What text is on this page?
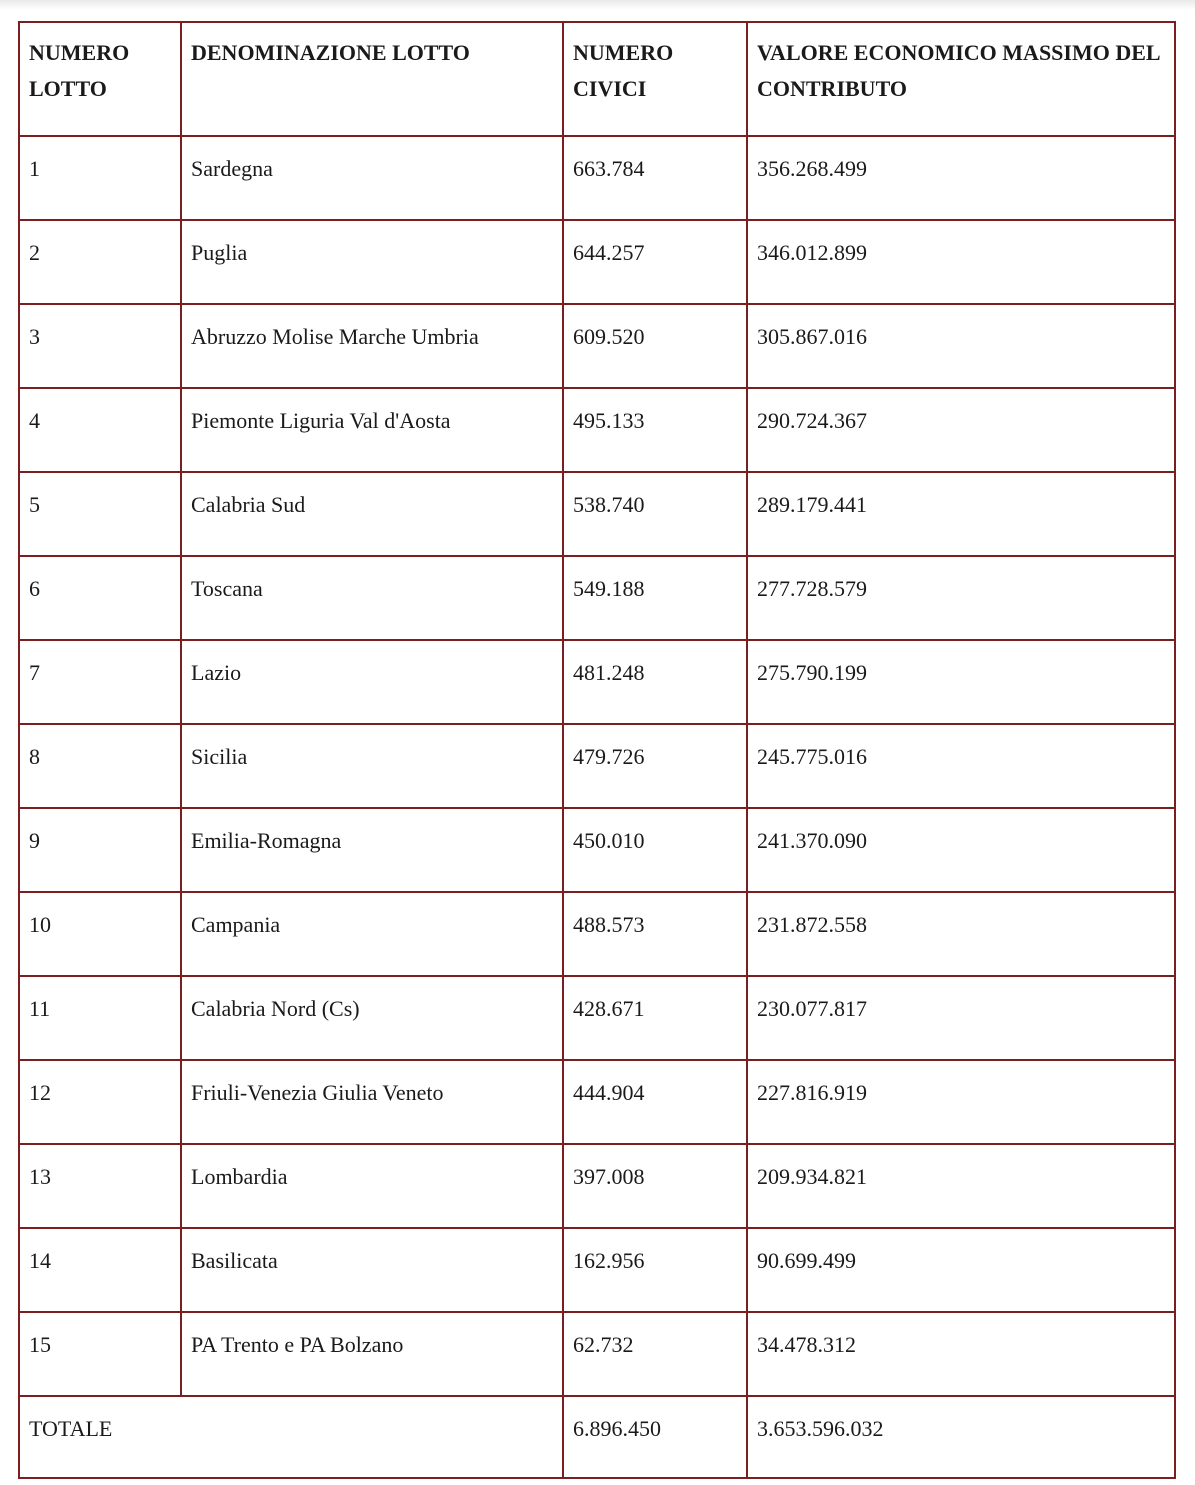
NUMERO LOTTO	DENOMINAZIONE LOTTO	NUMERO CIVICI	VALORE ECONOMICO MASSIMO DEL CONTRIBUTO
1	Sardegna	663.784	356.268.499
2	Puglia	644.257	346.012.899
3	Abruzzo Molise Marche Umbria	609.520	305.867.016
4	Piemonte Liguria Val d'Aosta	495.133	290.724.367
5	Calabria Sud	538.740	289.179.441
6	Toscana	549.188	277.728.579
7	Lazio	481.248	275.790.199
8	Sicilia	479.726	245.775.016
9	Emilia-Romagna	450.010	241.370.090
10	Campania	488.573	231.872.558
11	Calabria Nord (Cs)	428.671	230.077.817
12	Friuli-Venezia Giulia Veneto	444.904	227.816.919
13	Lombardia	397.008	209.934.821
14	Basilicata	162.956	90.699.499
15	PA Trento e PA Bolzano	62.732	34.478.312
TOTALE		6.896.450	3.653.596.032
